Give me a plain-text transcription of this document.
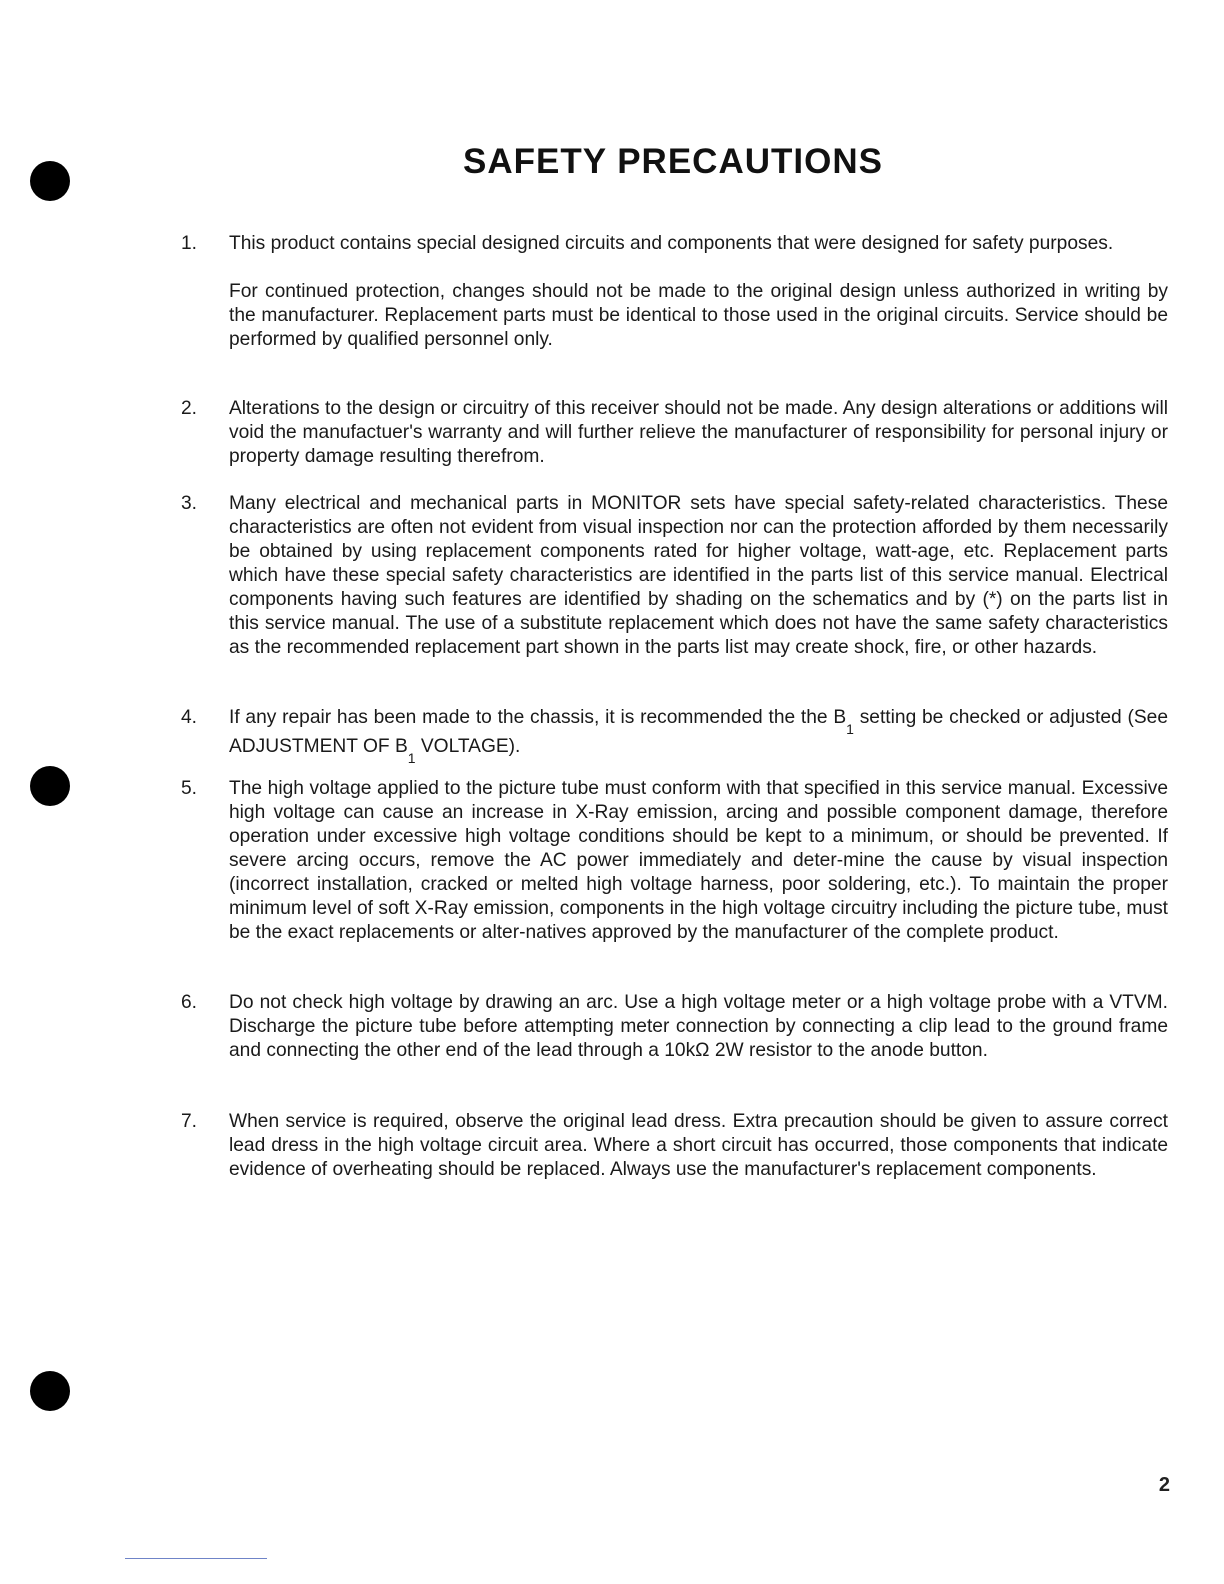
SAFETY PRECAUTIONS
1.	This product contains special designed circuits and components that were designed for safety purposes.

For continued protection, changes should not be made to the original design unless authorized in writing by the manufacturer. Replacement parts must be identical to those used in the original circuits. Service should be performed by qualified personnel only.

2.	Alterations to the design or circuitry of this receiver should not be made. Any design alterations or additions will void the manufactuer's warranty and will further relieve the manufacturer of responsibility for personal injury or property damage resulting therefrom.

3.	Many electrical and mechanical parts in MONITOR sets have special safety-related characteristics. These characteristics are often not evident from visual inspection nor can the protection afforded by them necessarily be obtained by using replacement components rated for higher voltage, watt-age, etc. Replacement parts which have these special safety characteristics are identified in the parts list of this service manual. Electrical components having such features are identified by shading on the schematics and by (*) on the parts list in this service manual. The use of a substitute replacement which does not have the same safety characteristics as the recommended replacement part shown in the parts list may create shock, fire, or other hazards.

4.	If any repair has been made to the chassis, it is recommended the the $B_1$ setting be checked or adjusted (See ADJUSTMENT OF $B_1$ VOLTAGE).

5.	The high voltage applied to the picture tube must conform with that specified in this service manual. Excessive high voltage can cause an increase in X-Ray emission, arcing and possible component damage, therefore operation under excessive high voltage conditions should be kept to a minimum, or should be prevented. If severe arcing occurs, remove the AC power immediately and deter-mine the cause by visual inspection (incorrect installation, cracked or melted high voltage harness, poor soldering, etc.). To maintain the proper minimum level of soft X-Ray emission, components in the high voltage circuitry including the picture tube, must be the exact replacements or alter-natives approved by the manufacturer of the complete product.

6.	Do not check high voltage by drawing an arc. Use a high voltage meter or a high voltage probe with a VTVM. Discharge the picture tube before attempting meter connection by connecting a clip lead to the ground frame and connecting the other end of the lead through a 10kΩ 2W resistor to the anode button.

7.	When service is required, observe the original lead dress. Extra precaution should be given to assure correct lead dress in the high voltage circuit area. Where a short circuit has occurred, those components that indicate evidence of overheating should be replaced. Always use the manufacturer's replacement components.

2
